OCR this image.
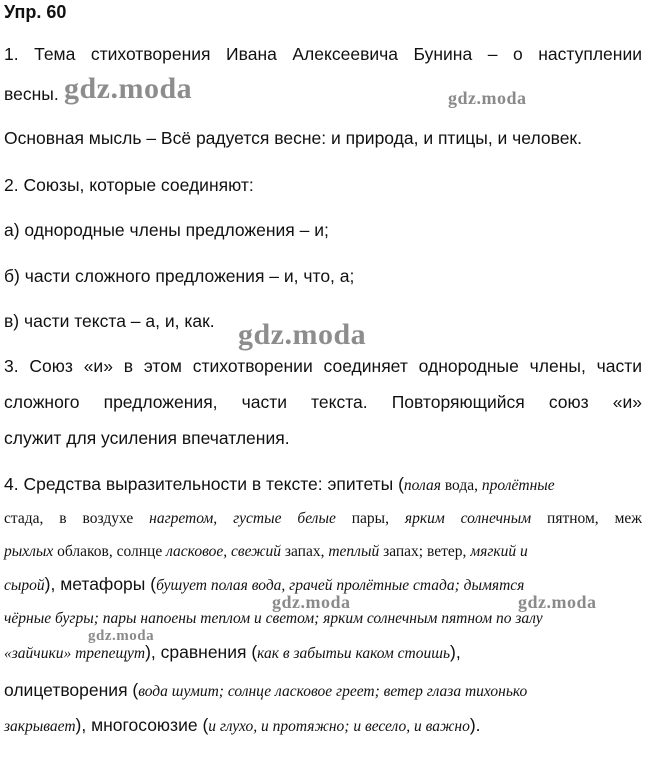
Упр. 60
1. Тема стихотворения Ивана Алексеевича Бунина – о наступлении
весны.
Основная мысль – Всё радуется весне: и природа, и птицы, и человек.
2. Союзы, которые соединяют:
а) однородные члены предложения – и;
б) части сложного предложения – и, что, а;
в) части текста – а, и, как.
3. Союз «и» в этом стихотворении соединяет однородные члены, части
сложного предложения, части текста. Повторяющийся союз «и»
служит для усиления впечатления.
4. Средства выразительности в тексте: эпитеты (полая вода, пролётные
стада, в воздухе нагретом, густые белые пары, ярким солнечным пятном, меж
рыхлых облаков, солнце ласковое, свежий запах, теплый запах; ветер, мягкий и
сырой), метафоры (бушует полая вода, грачей пролётные стада; дымятся
чёрные бугры; пары напоены теплом и светом; ярким солнечным пятном по залу
«зайчики» трепещут), сравнения (как в забытьи каком стоишь),
олицетворения (вода шумит; солнце ласковое греет; ветер глаза тихонько
закрывает), многосоюзие (и глухо, и протяжно; и весело, и важно).
gdz.moda	gdz.moda
gdz.moda
gdz.moda	gdz.moda
gdz.moda
